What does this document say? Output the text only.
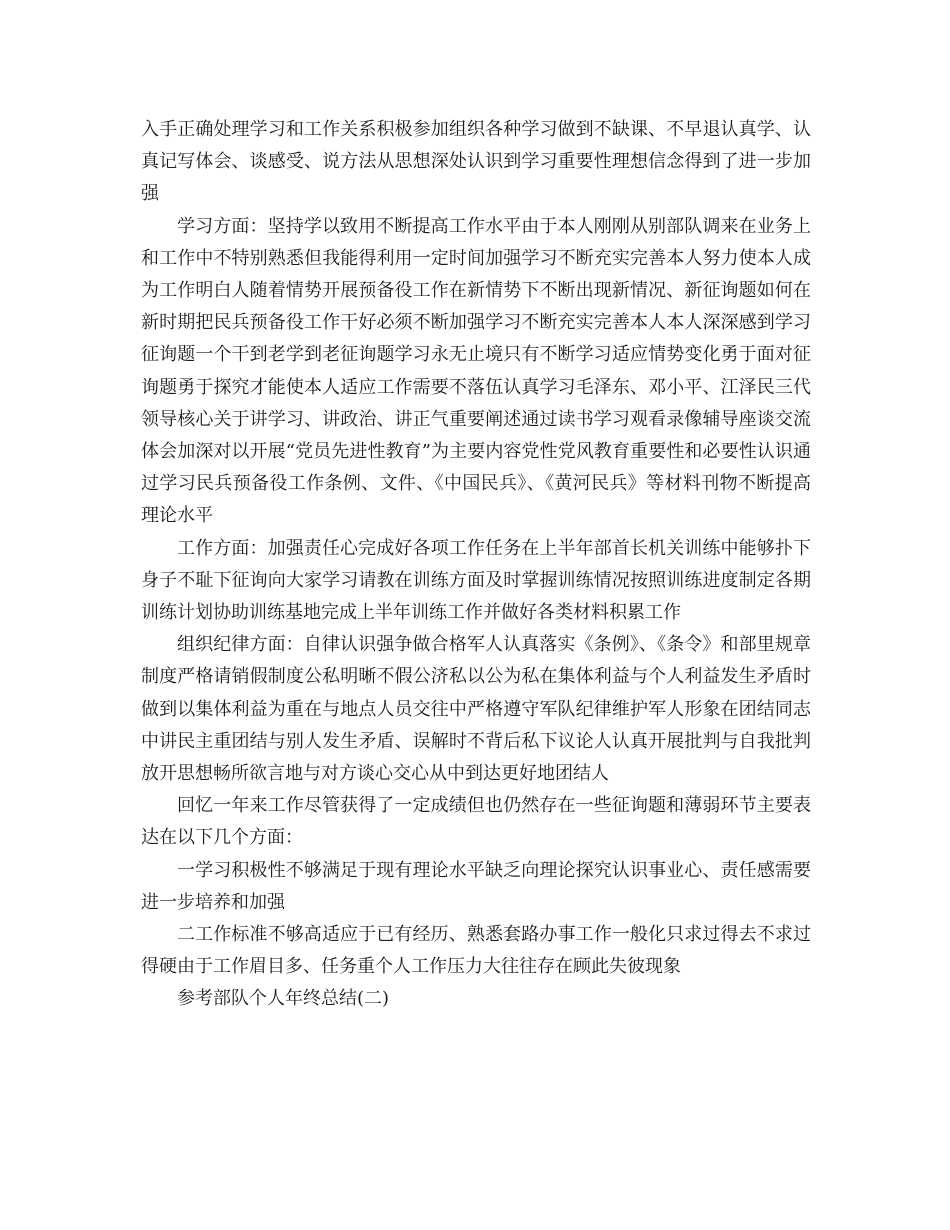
入手正确处理学习和工作关系积极参加组织各种学习做到不缺课、不早退认真学、认真记写体会、谈感受、说方法从思想深处认识到学习重要性理想信念得到了进一步加强

学习方面：坚持学以致用不断提高工作水平由于本人刚刚从别部队调来在业务上和工作中不特别熟悉但我能得利用一定时间加强学习不断充实完善本人努力使本人成为工作明白人随着情势开展预备役工作在新情势下不断出现新情况、新征询题如何在新时期把民兵预备役工作干好必须不断加强学习不断充实完善本人本人深深感到学习征询题一个干到老学到老征询题学习永无止境只有不断学习适应情势变化勇于面对征询题勇于探究才能使本人适应工作需要不落伍认真学习毛泽东、邓小平、江泽民三代领导核心关于讲学习、讲政治、讲正气重要阐述通过读书学习观看录像辅导座谈交流体会加深对以开展“党员先进性教育”为主要内容党性党风教育重要性和必要性认识通过学习民兵预备役工作条例、文件、《中国民兵》、《黄河民兵》等材料刊物不断提高理论水平

工作方面：加强责任心完成好各项工作任务在上半年部首长机关训练中能够扑下身子不耻下征询向大家学习请教在训练方面及时掌握训练情况按照训练进度制定各期训练计划协助训练基地完成上半年训练工作并做好各类材料积累工作

组织纪律方面：自律认识强争做合格军人认真落实《条例》、《条令》和部里规章制度严格请销假制度公私明晰不假公济私以公为私在集体利益与个人利益发生矛盾时做到以集体利益为重在与地点人员交往中严格遵守军队纪律维护军人形象在团结同志中讲民主重团结与别人发生矛盾、误解时不背后私下议论人认真开展批判与自我批判放开思想畅所欲言地与对方谈心交心从中到达更好地团结人

回忆一年来工作尽管获得了一定成绩但也仍然存在一些征询题和薄弱环节主要表达在以下几个方面：

一学习积极性不够满足于现有理论水平缺乏向理论探究认识事业心、责任感需要进一步培养和加强

二工作标准不够高适应于已有经历、熟悉套路办事工作一般化只求过得去不求过得硬由于工作眉目多、任务重个人工作压力大往往存在顾此失彼现象

参考部队个人年终总结(二)
